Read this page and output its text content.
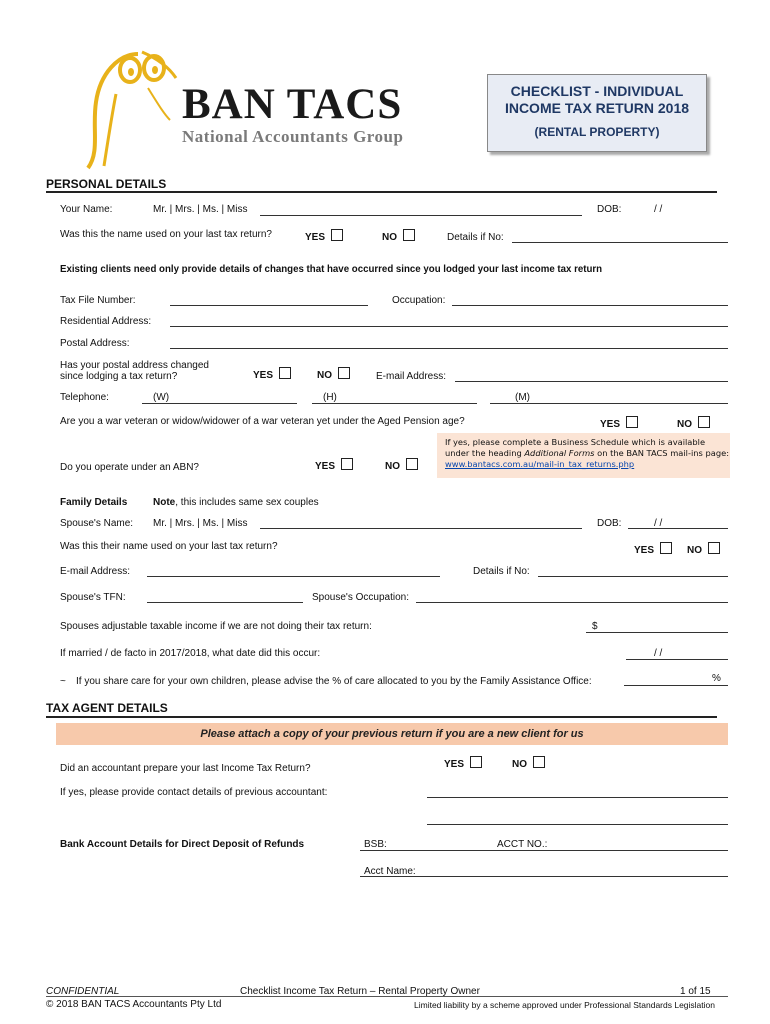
BAN TACS
National Accountants Group
CHECKLIST - INDIVIDUAL
INCOME TAX RETURN 2018
(RENTAL PROPERTY)
PERSONAL DETAILS
Your Name:	Mr. | Mrs. | Ms. | Miss	DOB:	/ /
Was this the name used on your last tax return?	YES	NO	Details if No:
Existing clients need only provide details of changes that have occurred since you lodged your last income tax return
Tax File Number:	Occupation:
Residential Address:
Postal Address:
Has your postal address changed
since lodging a tax return?	YES	NO	E-mail Address:
Telephone:	(W)	(H)	(M)
Are you a war veteran or widow/widower of a war veteran yet under the Aged Pension age?	YES	NO
If yes, please complete a Business Schedule which is available under the heading Additional Forms on the BAN TACS mail-ins page: www.bantacs.com.au/mail-in_tax_returns.php
Do you operate under an ABN?	YES	NO
Family Details	Note, this includes same sex couples
Spouse's Name: Mr. | Mrs. | Ms. | Miss	DOB:	/ /
Was this their name used on your last tax return?	YES	NO
E-mail Address:	Details if No:
Spouse's TFN:	Spouse's Occupation:
Spouses adjustable taxable income if we are not doing their tax return:	$
If married / de facto in 2017/2018, what date did this occur:	/ /
~ If you share care for your own children, please advise the % of care allocated to you by the Family Assistance Office:	%
TAX AGENT DETAILS
Please attach a copy of your previous return if you are a new client for us
Did an accountant prepare your last Income Tax Return?	YES	NO
If yes, please provide contact details of previous accountant:
Bank Account Details for Direct Deposit of Refunds	BSB:	ACCT NO.:
Acct Name:
CONFIDENTIAL
© 2018 BAN TACS Accountants Pty Ltd
Checklist Income Tax Return – Rental Property Owner	1 of 15
Limited liability by a scheme approved under Professional Standards Legislation
